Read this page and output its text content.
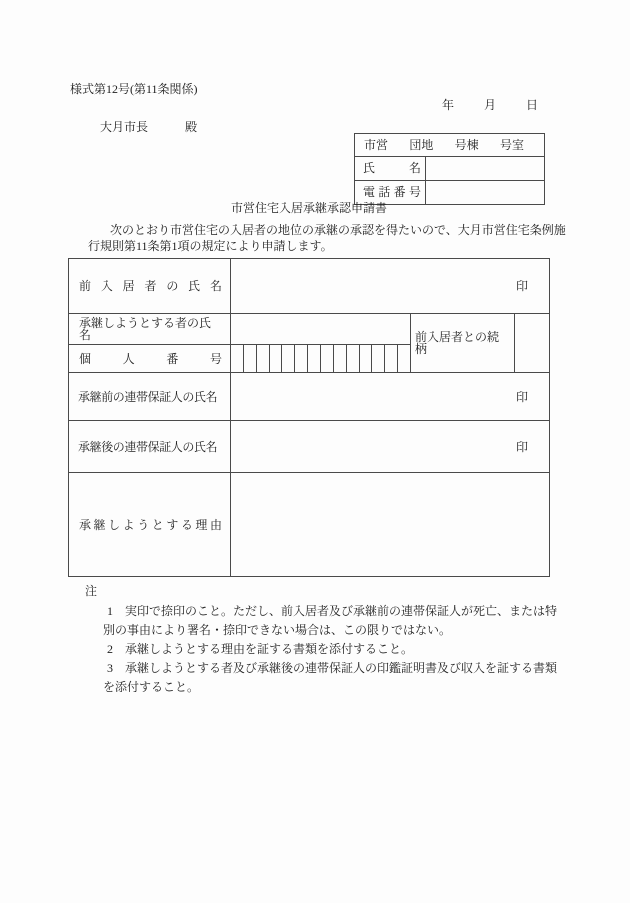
様式第12号(第11条関係)
年	月	日
大月市長	殿
市営 団地 号棟 号室
氏名
電話番号
市営住宅入居承継承認申請書
次のとおり市営住宅の入居者の地位の承継の承認を得たいので、大月市営住宅条例施
行規則第11条第1項の規定により申請します。
前入居者の氏名	印
承継しようとする者の氏名	前入居者との続柄
個人番号
承継前の連帯保証人の氏名	印
承継後の連帯保証人の氏名	印
承継しようとする理由
注
1　実印で捺印のこと。ただし、前入居者及び承継前の連帯保証人が死亡、または特
別の事由により署名・捺印できない場合は、この限りではない。
2　承継しようとする理由を証する書類を添付すること。
3　承継しようとする者及び承継後の連帯保証人の印鑑証明書及び収入を証する書類
を添付すること。
